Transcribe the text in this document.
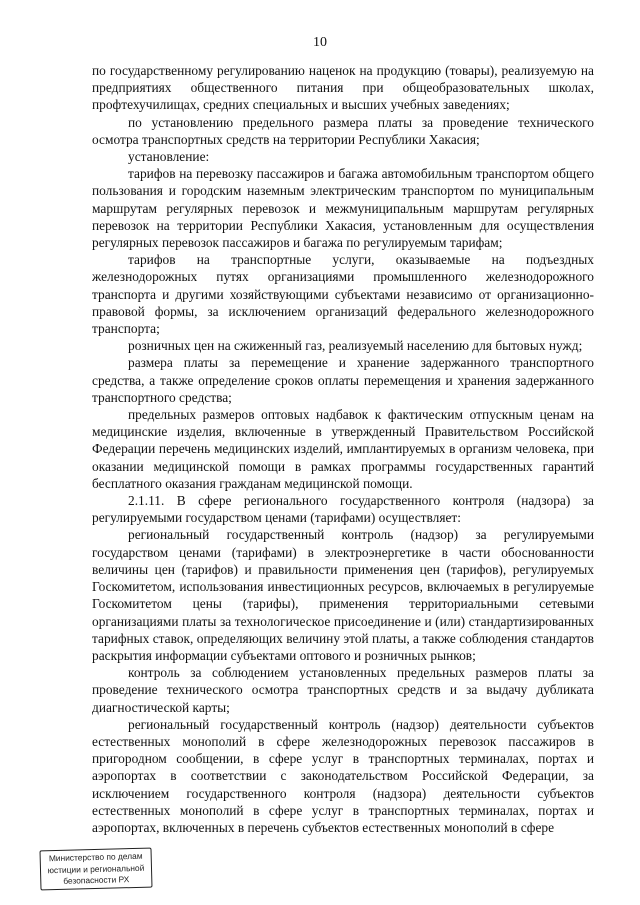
10

по государственному регулированию наценок на продукцию (товары), реализуемую на предприятиях общественного питания при общеобразовательных школах, профтехучилищах, средних специальных и высших учебных заведениях;

по установлению предельного размера платы за проведение технического осмотра транспортных средств на территории Республики Хакасия;

установление:

тарифов на перевозку пассажиров и багажа автомобильным транспортом общего пользования и городским наземным электрическим транспортом по муниципальным маршрутам регулярных перевозок и межмуниципальным маршрутам регулярных перевозок на территории Республики Хакасия, установленным для осуществления регулярных перевозок пассажиров и багажа по регулируемым тарифам;

тарифов на транспортные услуги, оказываемые на подъездных железнодорожных путях организациями промышленного железнодорожного транспорта и другими хозяйствующими субъектами независимо от организационно-правовой формы, за исключением организаций федерального железнодорожного транспорта;

розничных цен на сжиженный газ, реализуемый населению для бытовых нужд;

размера платы за перемещение и хранение задержанного транспортного средства, а также определение сроков оплаты перемещения и хранения задержанного транспортного средства;

предельных размеров оптовых надбавок к фактическим отпускным ценам на медицинские изделия, включенные в утвержденный Правительством Российской Федерации перечень медицинских изделий, имплантируемых в организм человека, при оказании медицинской помощи в рамках программы государственных гарантий бесплатного оказания гражданам медицинской помощи.

2.1.11. В сфере регионального государственного контроля (надзора) за регулируемыми государством ценами (тарифами) осуществляет:

региональный государственный контроль (надзор) за регулируемыми государством ценами (тарифами) в электроэнергетике в части обоснованности величины цен (тарифов) и правильности применения цен (тарифов), регулируемых Госкомитетом, использования инвестиционных ресурсов, включаемых в регулируемые Госкомитетом цены (тарифы), применения территориальными сетевыми организациями платы за технологическое присоединение и (или) стандартизированных тарифных ставок, определяющих величину этой платы, а также соблюдения стандартов раскрытия информации субъектами оптового и розничных рынков;

контроль за соблюдением установленных предельных размеров платы за проведение технического осмотра транспортных средств и за выдачу дубликата диагностической карты;

региональный государственный контроль (надзор) деятельности субъектов естественных монополий в сфере железнодорожных перевозок пассажиров в пригородном сообщении, в сфере услуг в транспортных терминалах, портах и аэропортах в соответствии с законодательством Российской Федерации, за исключением государственного контроля (надзора) деятельности субъектов естественных монополий в сфере услуг в транспортных терминалах, портах и аэропортах, включенных в перечень субъектов естественных монополий в сфере

Министерство по делам
юстиции и региональной
безопасности РХ
